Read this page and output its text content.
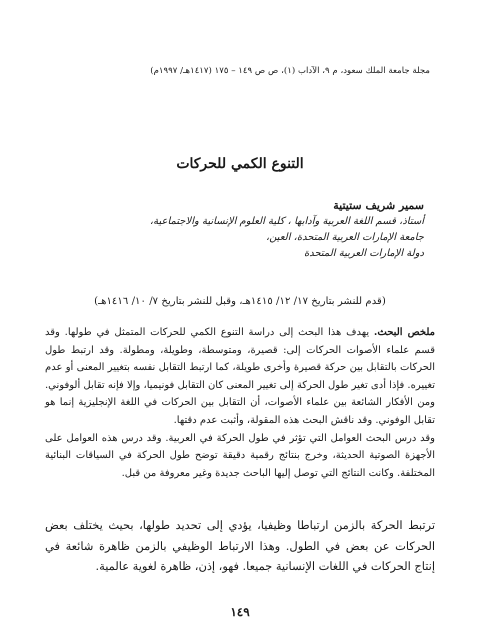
مجلة جامعة الملك سعود، م ٩، الآداب (١)، ص ص ١٤٩ – ١٧٥ (١٤١٧هـ/ ١٩٩٧م)
التنوع الكمي للحركات
سمير شريف ستيتية
أستاذ، قسم اللغة العربية وآدابها ، كلية العلوم الإنسانية والاجتماعية،
جامعة الإمارات العربية المتحدة، العين،
دولة الإمارات العربية المتحدة
(قدم للنشر بتاريخ ١٧/ ١٢/ ١٤١٥هـ، وقبل للنشر بتاريخ ٧/ ١٠/ ١٤١٦هـ)

ملخص البحث. يهدف هذا البحث إلى دراسة التنوع الكمي للحركات المتمثل في طولها. وقد قسم علماء الأصوات الحركات إلى: قصيرة، ومتوسطة، وطويلة، ومطولة. وقد ارتبط طول الحركات بالتقابل بين حركة قصيرة وأخرى طويلة، كما ارتبط التقابل نفسه بتغيير المعنى أو عدم تغييره. فإذا أدى تغير طول الحركة إلى تغيير المعنى كان التقابل فونيميا، وإلا فإنه تقابل ألوفوني. ومن الأفكار الشائعة بين علماء الأصوات، أن التقابل بين الحركات في اللغة الإنجليزية إنما هو تقابل الوفوني. وقد ناقش البحث هذه المقولة، وأثبت عدم دقتها.

وقد درس البحث العوامل التي تؤثر في طول الحركة في العربية. وقد درس هذه العوامل على الأجهزة الصوتية الحديثة، وخرج بنتائج رقمية دقيقة توضح طول الحركة في السياقات البنائية المختلفة. وكانت النتائج التي توصل إليها الباحث جديدة وغير معروفة من قبل.

ترتبط الحركة بالزمن ارتباطا وظيفيا، يؤدي إلى تحديد طولها، بحيث يختلف بعض الحركات عن بعض في الطول. وهذا الارتباط الوظيفي بالزمن ظاهرة شائعة في إنتاج الحركات في اللغات الإنسانية جميعا. فهو، إذن، ظاهرة لغوية عالمية.
١٤٩
